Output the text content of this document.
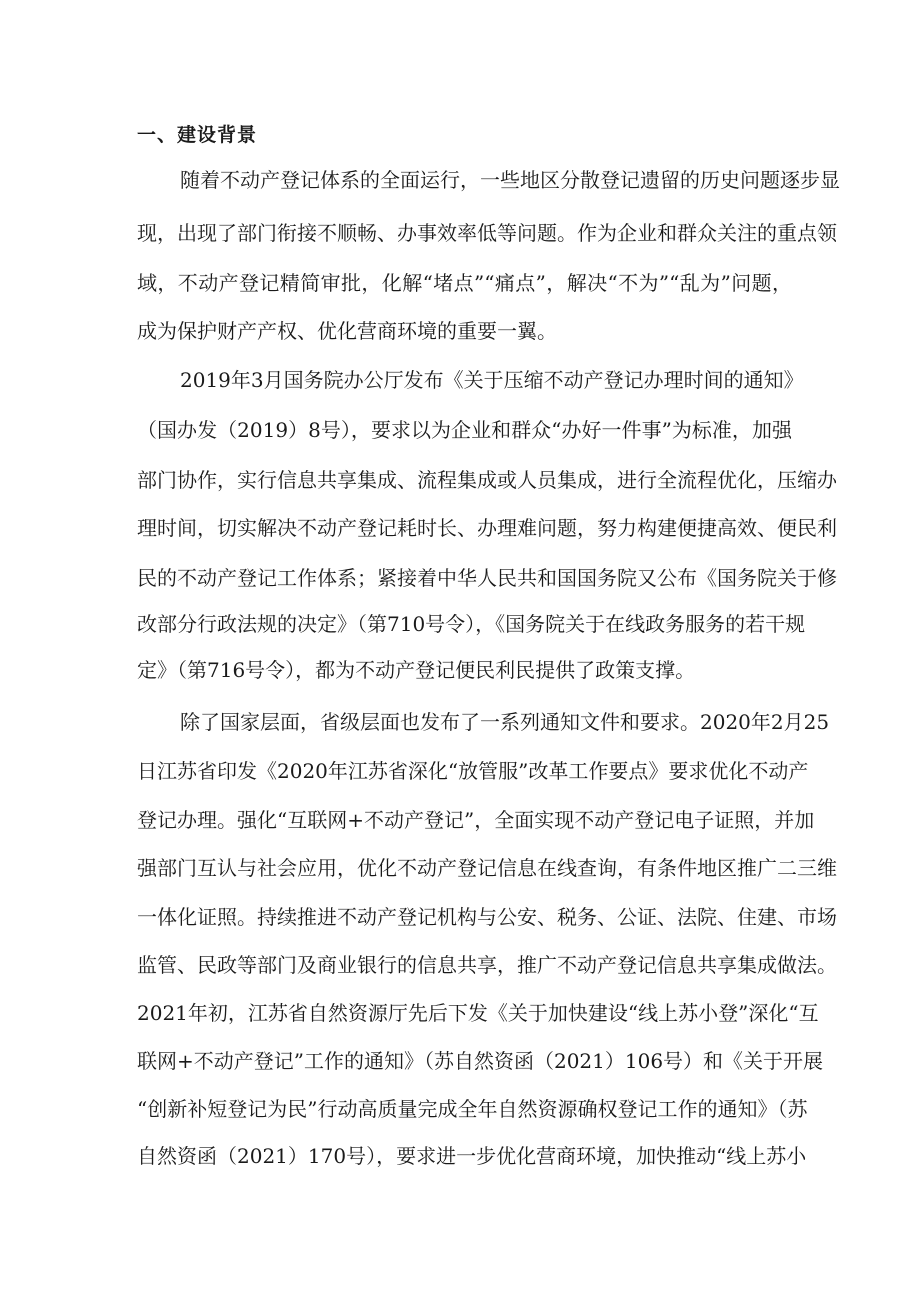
一、建设背景
随着不动产登记体系的全面运行，一些地区分散登记遗留的历史问题逐步显
现，出现了部门衔接不顺畅、办事效率低等问题。作为企业和群众关注的重点领
域，不动产登记精简审批，化解“堵点”“痛点”，解决“不为”“乱为”问题，
成为保护财产产权、优化营商环境的重要一翼。
2019年3月国务院办公厅发布《关于压缩不动产登记办理时间的通知》
（国办发（2019）8号），要求以为企业和群众“办好一件事”为标准，加强
部门协作，实行信息共享集成、流程集成或人员集成，进行全流程优化，压缩办
理时间，切实解决不动产登记耗时长、办理难问题，努力构建便捷高效、便民利
民的不动产登记工作体系；紧接着中华人民共和国国务院又公布《国务院关于修
改部分行政法规的决定》（第710号令），《国务院关于在线政务服务的若干规
定》（第716号令），都为不动产登记便民利民提供了政策支撑。
除了国家层面，省级层面也发布了一系列通知文件和要求。2020年2月25
日江苏省印发《2020年江苏省深化“放管服”改革工作要点》要求优化不动产
登记办理。强化“互联网+不动产登记”，全面实现不动产登记电子证照，并加
强部门互认与社会应用，优化不动产登记信息在线查询，有条件地区推广二三维
一体化证照。持续推进不动产登记机构与公安、税务、公证、法院、住建、市场
监管、民政等部门及商业银行的信息共享，推广不动产登记信息共享集成做法。
2021年初，江苏省自然资源厅先后下发《关于加快建设“线上苏小登”深化“互
联网+不动产登记”工作的通知》（苏自然资函（2021）106号）和《关于开展
“创新补短登记为民”行动高质量完成全年自然资源确权登记工作的通知》（苏
自然资函（2021）170号），要求进一步优化营商环境，加快推动“线上苏小
